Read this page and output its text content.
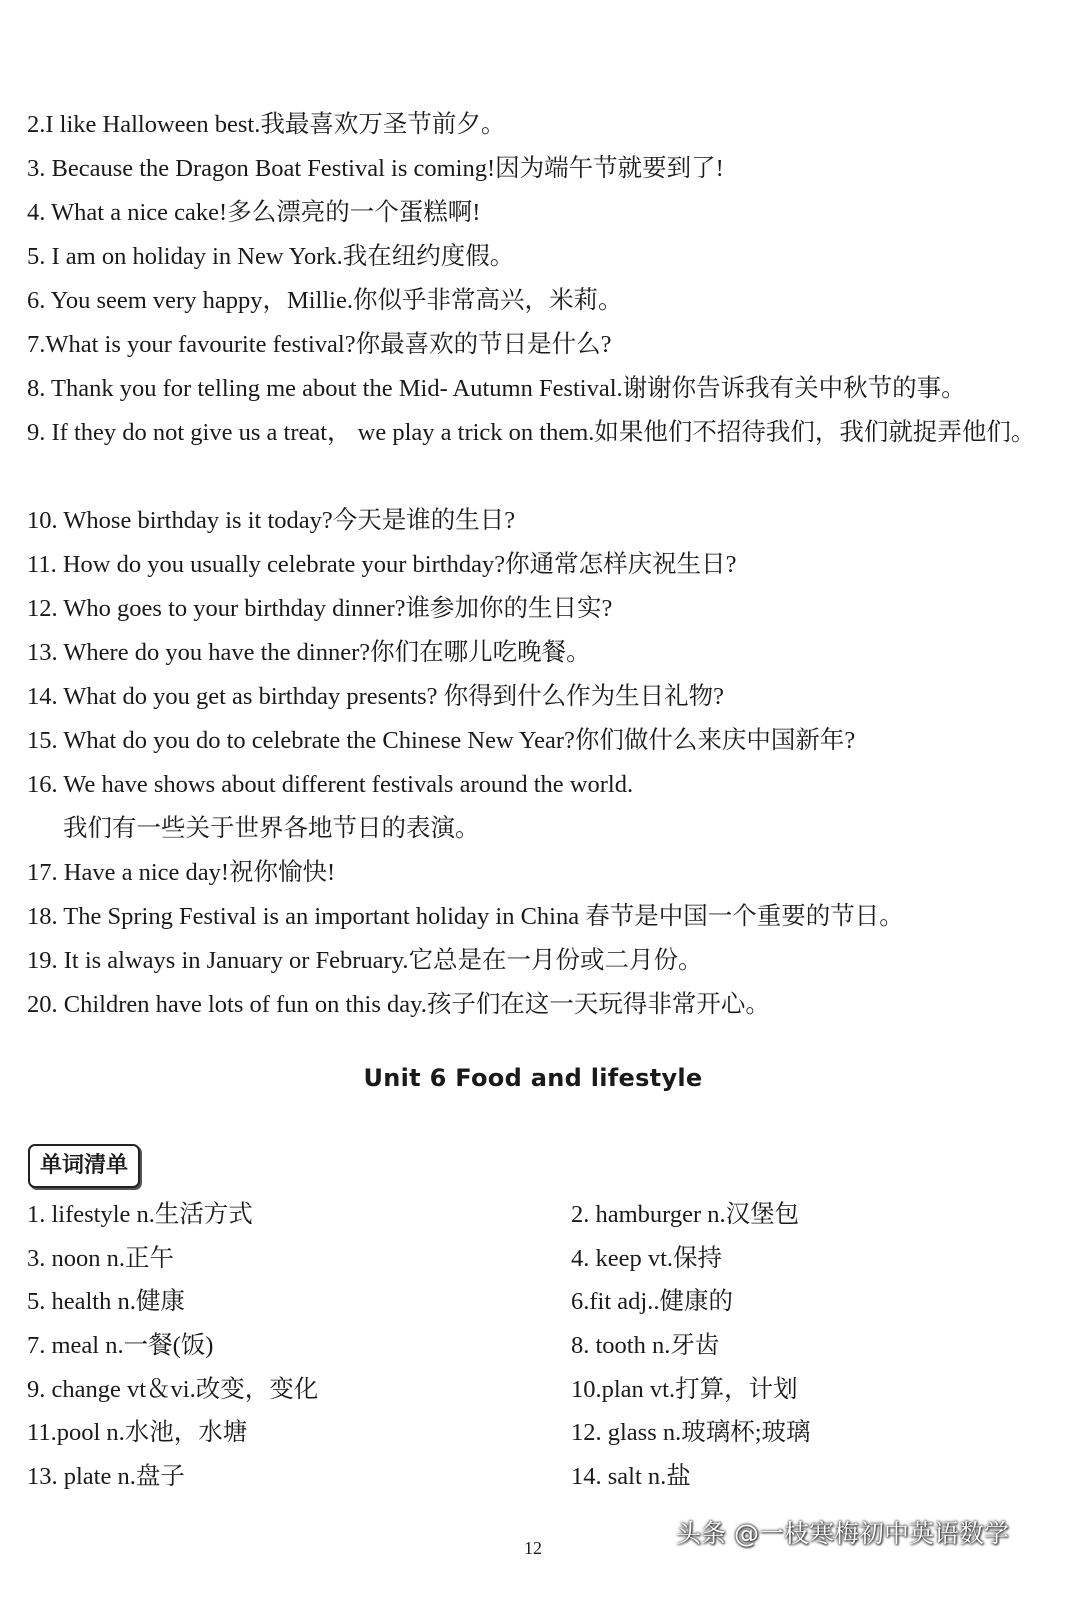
2.I like Halloween best.我最喜欢万圣节前夕。
3. Because the Dragon Boat Festival is coming!因为端午节就要到了!
4. What a nice cake!多么漂亮的一个蛋糕啊!
5. I am on holiday in New York.我在纽约度假。
6. You seem very happy，Millie.你似乎非常高兴，米莉。
7.What is your favourite festival?你最喜欢的节日是什么?
8. Thank you for telling me about the Mid- Autumn Festival.谢谢你告诉我有关中秋节的事。
9. If they do not give us a treat， we play a trick on them.如果他们不招待我们，我们就捉弄他们。
10. Whose birthday is it today?今天是谁的生日?
11. How do you usually celebrate your birthday?你通常怎样庆祝生日?
12. Who goes to your birthday dinner?谁参加你的生日实?
13. Where do you have the dinner?你们在哪儿吃晚餐。
14. What do you get as birthday presents? 你得到什么作为生日礼物?
15. What do you do to celebrate the Chinese New Year?你们做什么来庆中国新年?
16. We have shows about different festivals around the world.
我们有一些关于世界各地节日的表演。
17. Have a nice day!祝你愉快!
18. The Spring Festival is an important holiday in China 春节是中国一个重要的节日。
19. It is always in January or February.它总是在一月份或二月份。
20. Children have lots of fun on this day.孩子们在这一天玩得非常开心。
Unit 6 Food and lifestyle
单词清单
1. lifestyle n.生活方式	2. hamburger n.汉堡包
3. noon n.正午	4. keep vt.保持
5. health n.健康	6.fit adj..健康的
7. meal n.一餐(饭)	8. tooth n.牙齿
9. change vt＆vi.改变，变化	10.plan vt.打算，计划
11.pool n.水池，水塘	12. glass n.玻璃杯;玻璃
13. plate n.盘子	14. salt n.盐
12	头条 @一枝寒梅初中英语数学
